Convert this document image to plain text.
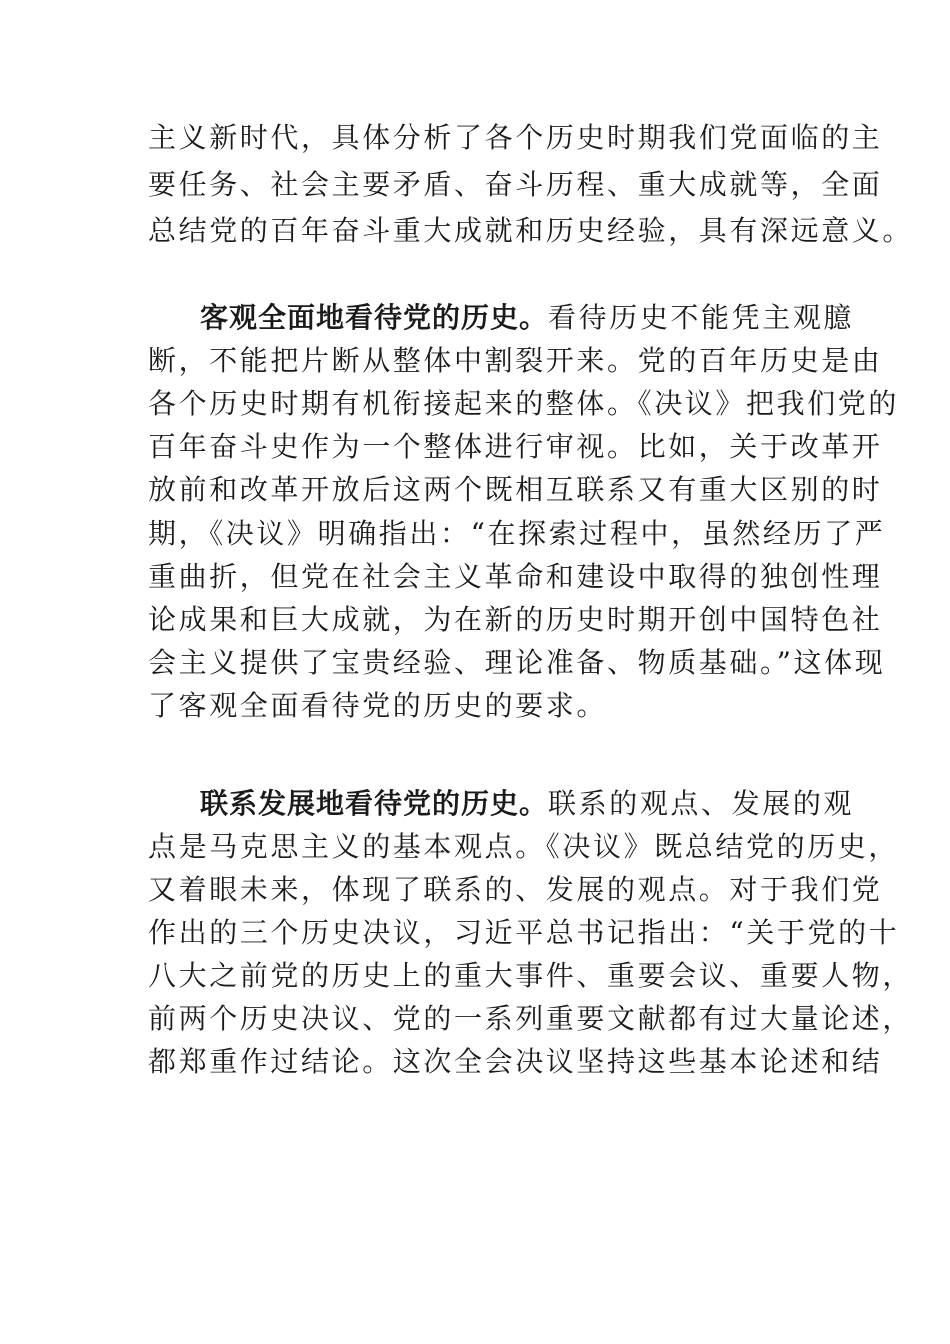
主义新时代，具体分析了各个历史时期我们党面临的主
要任务、社会主要矛盾、奋斗历程、重大成就等，全面
总结党的百年奋斗重大成就和历史经验，具有深远意义。
客观全面地看待党的历史。看待历史不能凭主观臆
断，不能把片断从整体中割裂开来。党的百年历史是由
各个历史时期有机衔接起来的整体。《决议》把我们党的
百年奋斗史作为一个整体进行审视。比如，关于改革开
放前和改革开放后这两个既相互联系又有重大区别的时
期，《决议》明确指出：“在探索过程中，虽然经历了严
重曲折，但党在社会主义革命和建设中取得的独创性理
论成果和巨大成就，为在新的历史时期开创中国特色社
会主义提供了宝贵经验、理论准备、物质基础。”这体现
了客观全面看待党的历史的要求。
联系发展地看待党的历史。联系的观点、发展的观
点是马克思主义的基本观点。《决议》既总结党的历史，
又着眼未来，体现了联系的、发展的观点。对于我们党
作出的三个历史决议，习近平总书记指出：“关于党的十
八大之前党的历史上的重大事件、重要会议、重要人物，
前两个历史决议、党的一系列重要文献都有过大量论述，
都郑重作过结论。这次全会决议坚持这些基本论述和结
